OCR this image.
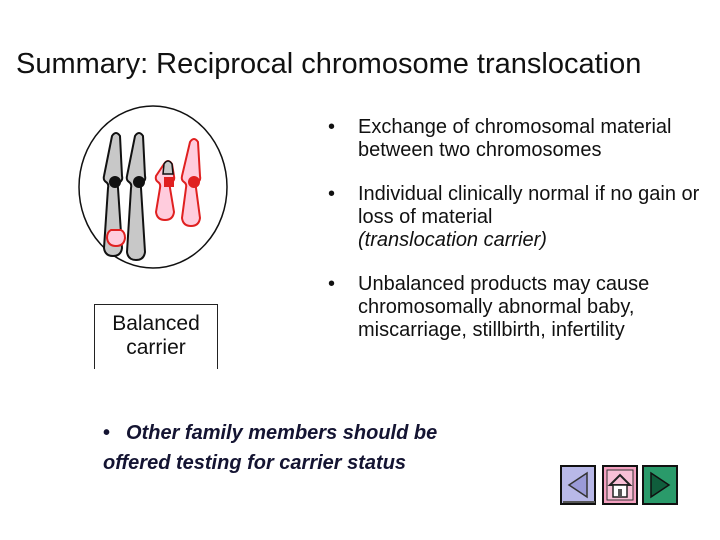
Summary: Reciprocal chromosome translocation
Balanced
carrier
• Exchange of chromosomal material between two chromosomes
• Individual clinically normal if no gain or loss of material
(translocation carrier)
• Unbalanced products may cause chromosomally abnormal baby, miscarriage, stillbirth, infertility
• Other family members should be offered testing for carrier status
